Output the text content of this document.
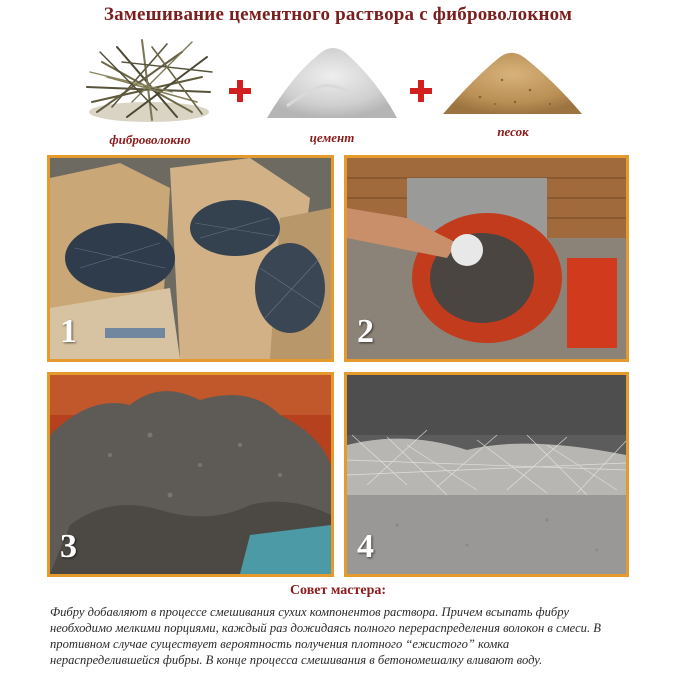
Замешивание цементного раствора с фиброволокном
фиброволокно	цемент	песок
1	2
3	4
Совет мастера:
Фибру добавляют в процессе смешивания сухих компонентов раствора. Причем всыпать фибру необходимо мелкими порциями, каждый раз дожидаясь полного перераспределения волокон в смеси. В противном случае существует вероятность получения плотного “ежистого” комка нераспределившейся фибры. В конце процесса смешивания в бетономешалку вливают воду.
